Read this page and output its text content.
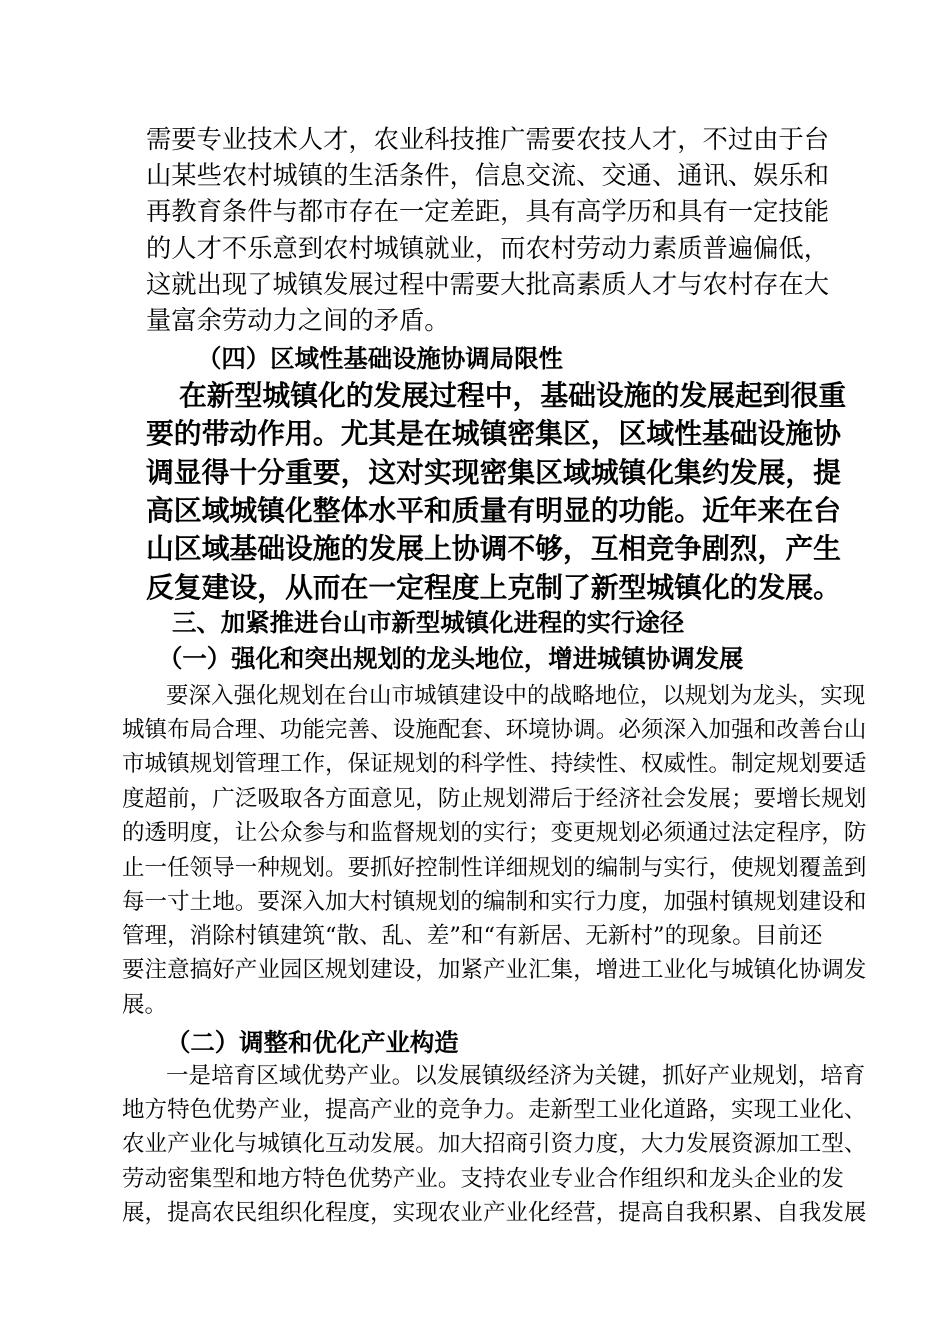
需要专业技术人才，农业科技推广需要农技人才，不过由于台
山某些农村城镇的生活条件，信息交流、交通、通讯、娱乐和
再教育条件与都市存在一定差距，具有高学历和具有一定技能
的人才不乐意到农村城镇就业，而农村劳动力素质普遍偏低，
这就出现了城镇发展过程中需要大批高素质人才与农村存在大
量富余劳动力之间的矛盾。
（四）区域性基础设施协调局限性
在新型城镇化的发展过程中，基础设施的发展起到很重
要的带动作用。尤其是在城镇密集区，区域性基础设施协
调显得十分重要，这对实现密集区域城镇化集约发展，提
高区域城镇化整体水平和质量有明显的功能。近年来在台
山区域基础设施的发展上协调不够，互相竞争剧烈，产生
反复建设，从而在一定程度上克制了新型城镇化的发展。
三、加紧推进台山市新型城镇化进程的实行途径
（一）强化和突出规划的龙头地位，增进城镇协调发展
要深入强化规划在台山市城镇建设中的战略地位，以规划为龙头，实现
城镇布局合理、功能完善、设施配套、环境协调。必须深入加强和改善台山
市城镇规划管理工作，保证规划的科学性、持续性、权威性。制定规划要适
度超前，广泛吸取各方面意见，防止规划滞后于经济社会发展；要增长规划
的透明度，让公众参与和监督规划的实行；变更规划必须通过法定程序，防
止一任领导一种规划。要抓好控制性详细规划的编制与实行，使规划覆盖到
每一寸土地。要深入加大村镇规划的编制和实行力度，加强村镇规划建设和
管理，消除村镇建筑“散、乱、差”和“有新居、无新村”的现象。目前还
要注意搞好产业园区规划建设，加紧产业汇集，增进工业化与城镇化协调发
展。
（二）调整和优化产业构造
一是培育区域优势产业。以发展镇级经济为关键，抓好产业规划，培育
地方特色优势产业，提高产业的竞争力。走新型工业化道路，实现工业化、
农业产业化与城镇化互动发展。加大招商引资力度，大力发展资源加工型、
劳动密集型和地方特色优势产业。支持农业专业合作组织和龙头企业的发
展，提高农民组织化程度，实现农业产业化经营，提高自我积累、自我发展
